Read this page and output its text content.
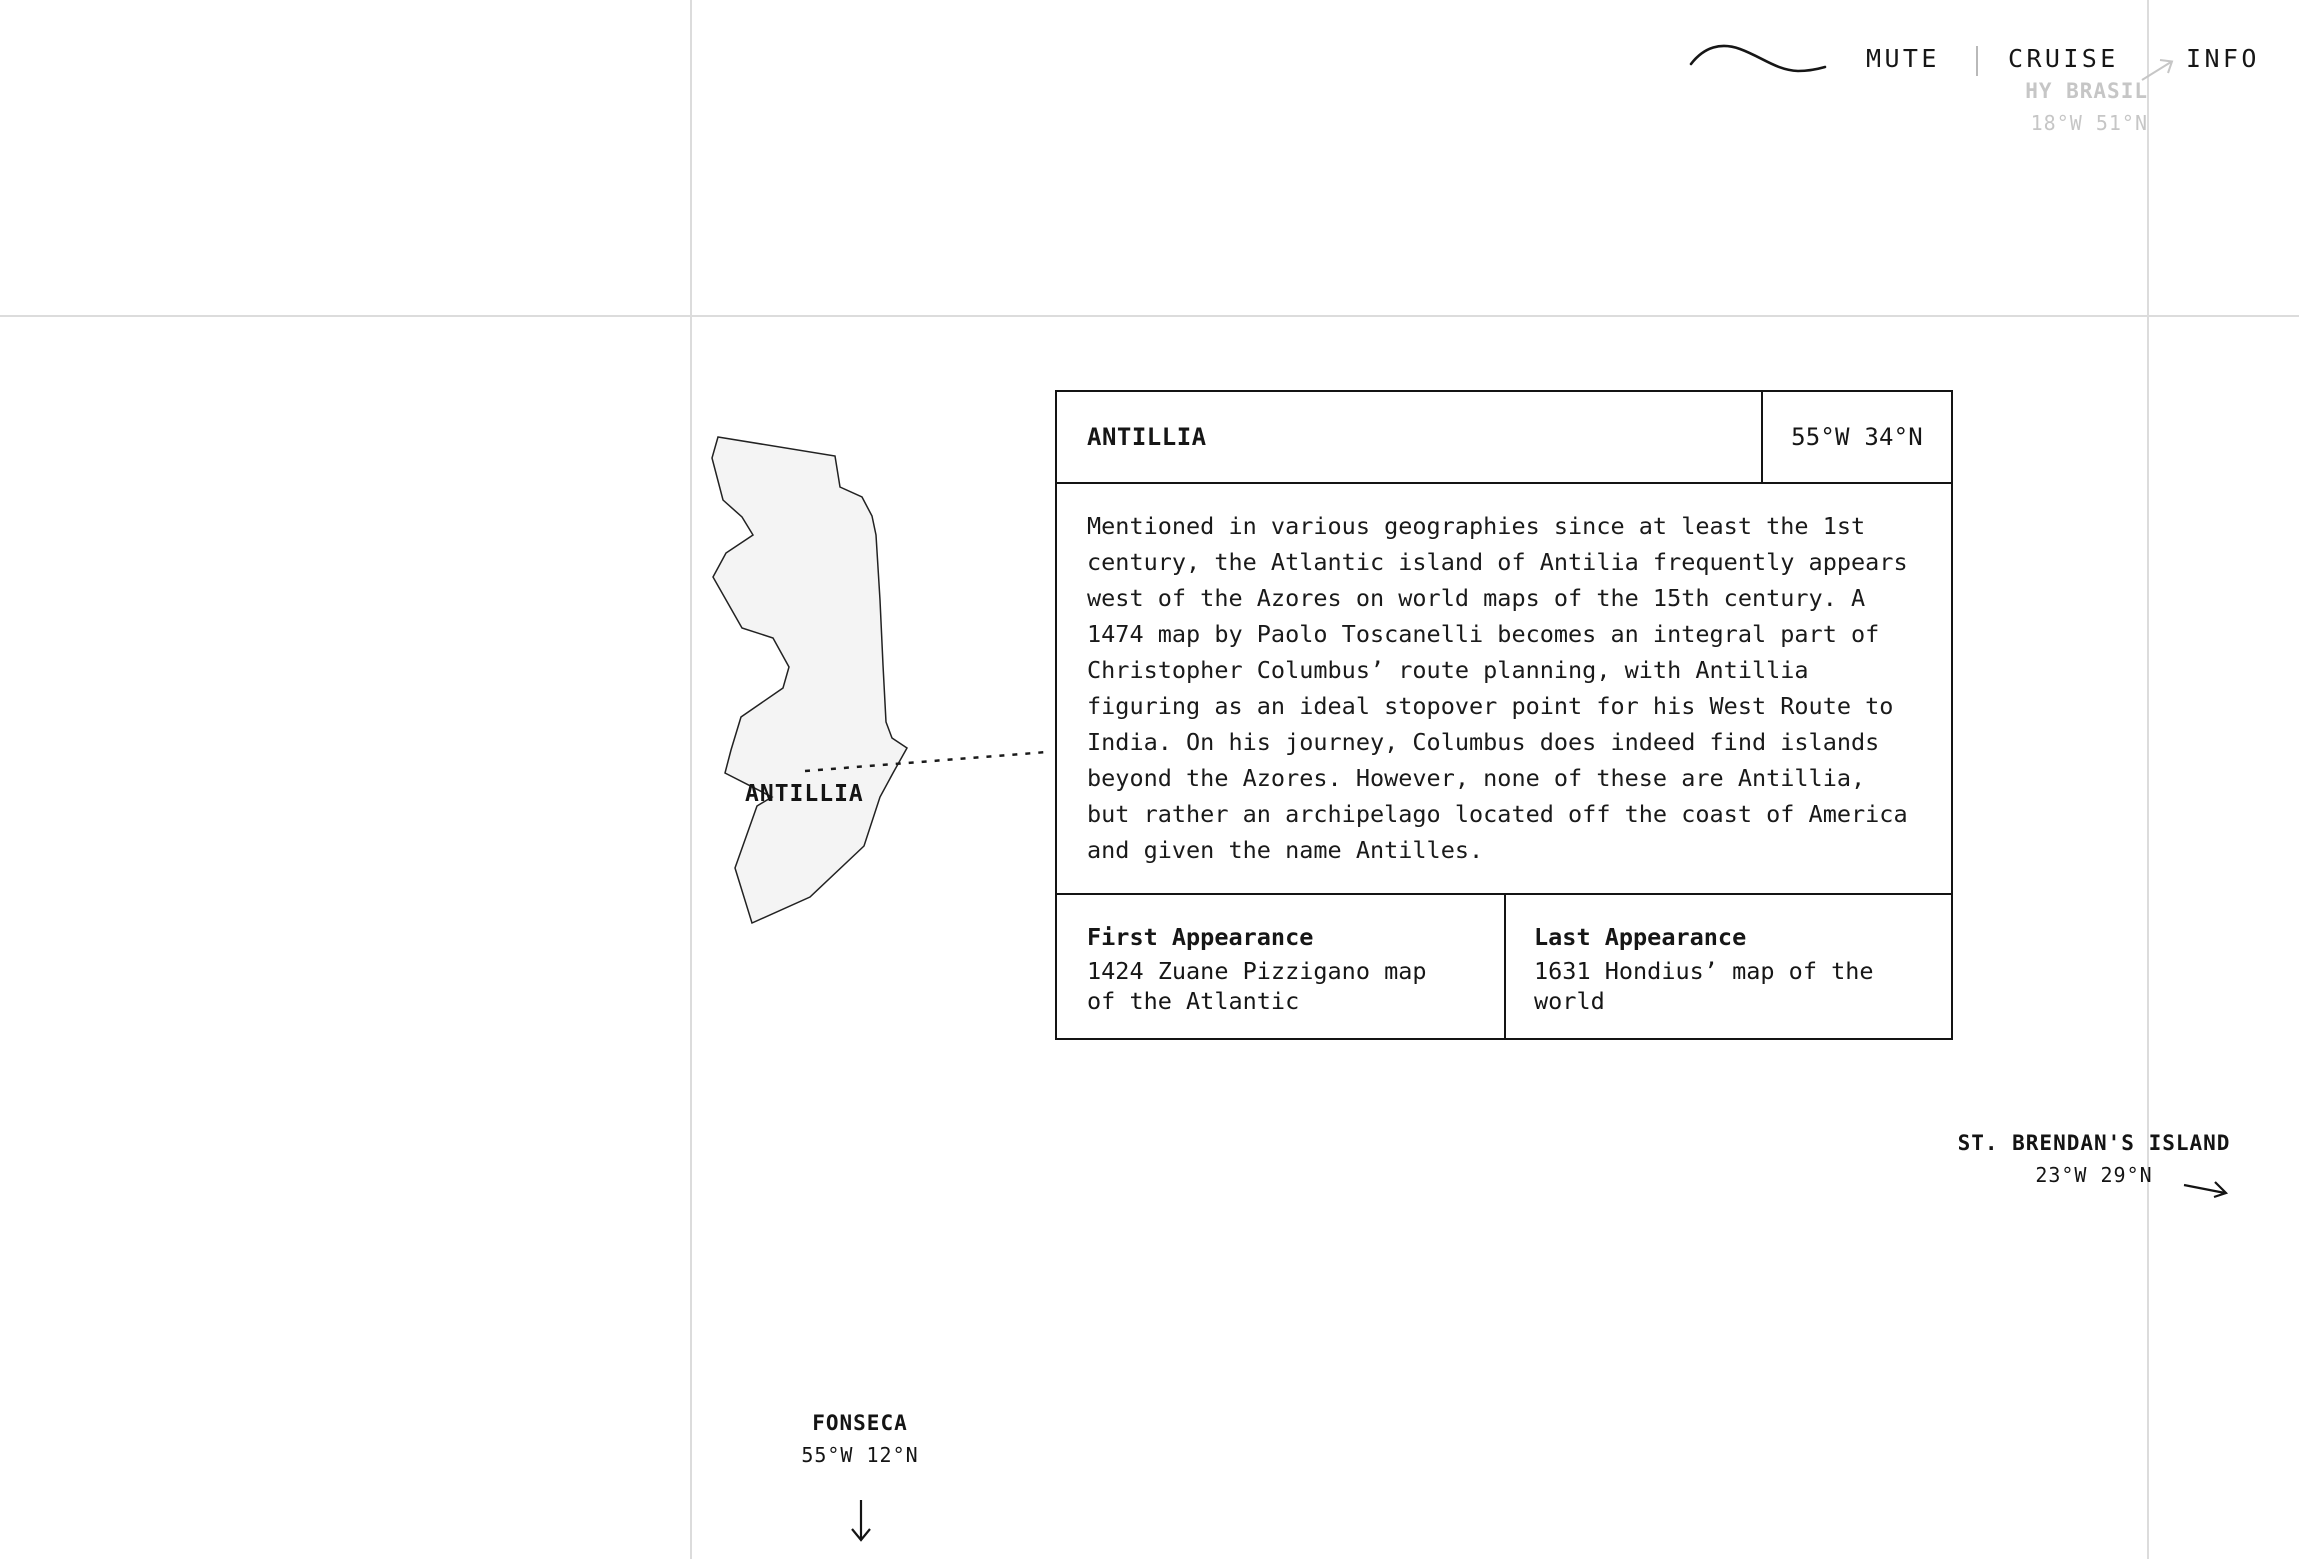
MUTE	CRUISE	INFO
HY BRASIL
18°W 51°N
ANTILLIA
ANTILLIA	55°W 34°N
Mentioned in various geographies since at least the 1st century, the Atlantic island of Antilia frequently appears west of the Azores on world maps of the 15th century. A 1474 map by Paolo Toscanelli becomes an integral part of Christopher Columbus’ route planning, with Antillia figuring as an ideal stopover point for his West Route to India. On his journey, Columbus does indeed find islands beyond the Azores. However, none of these are Antillia, but rather an archipelago located off the coast of America and given the name Antilles.
First Appearance
1424 Zuane Pizzigano map of the Atlantic
Last Appearance
1631 Hondius’ map of the world
ST. BRENDAN'S ISLAND
23°W 29°N
FONSECA
55°W 12°N
